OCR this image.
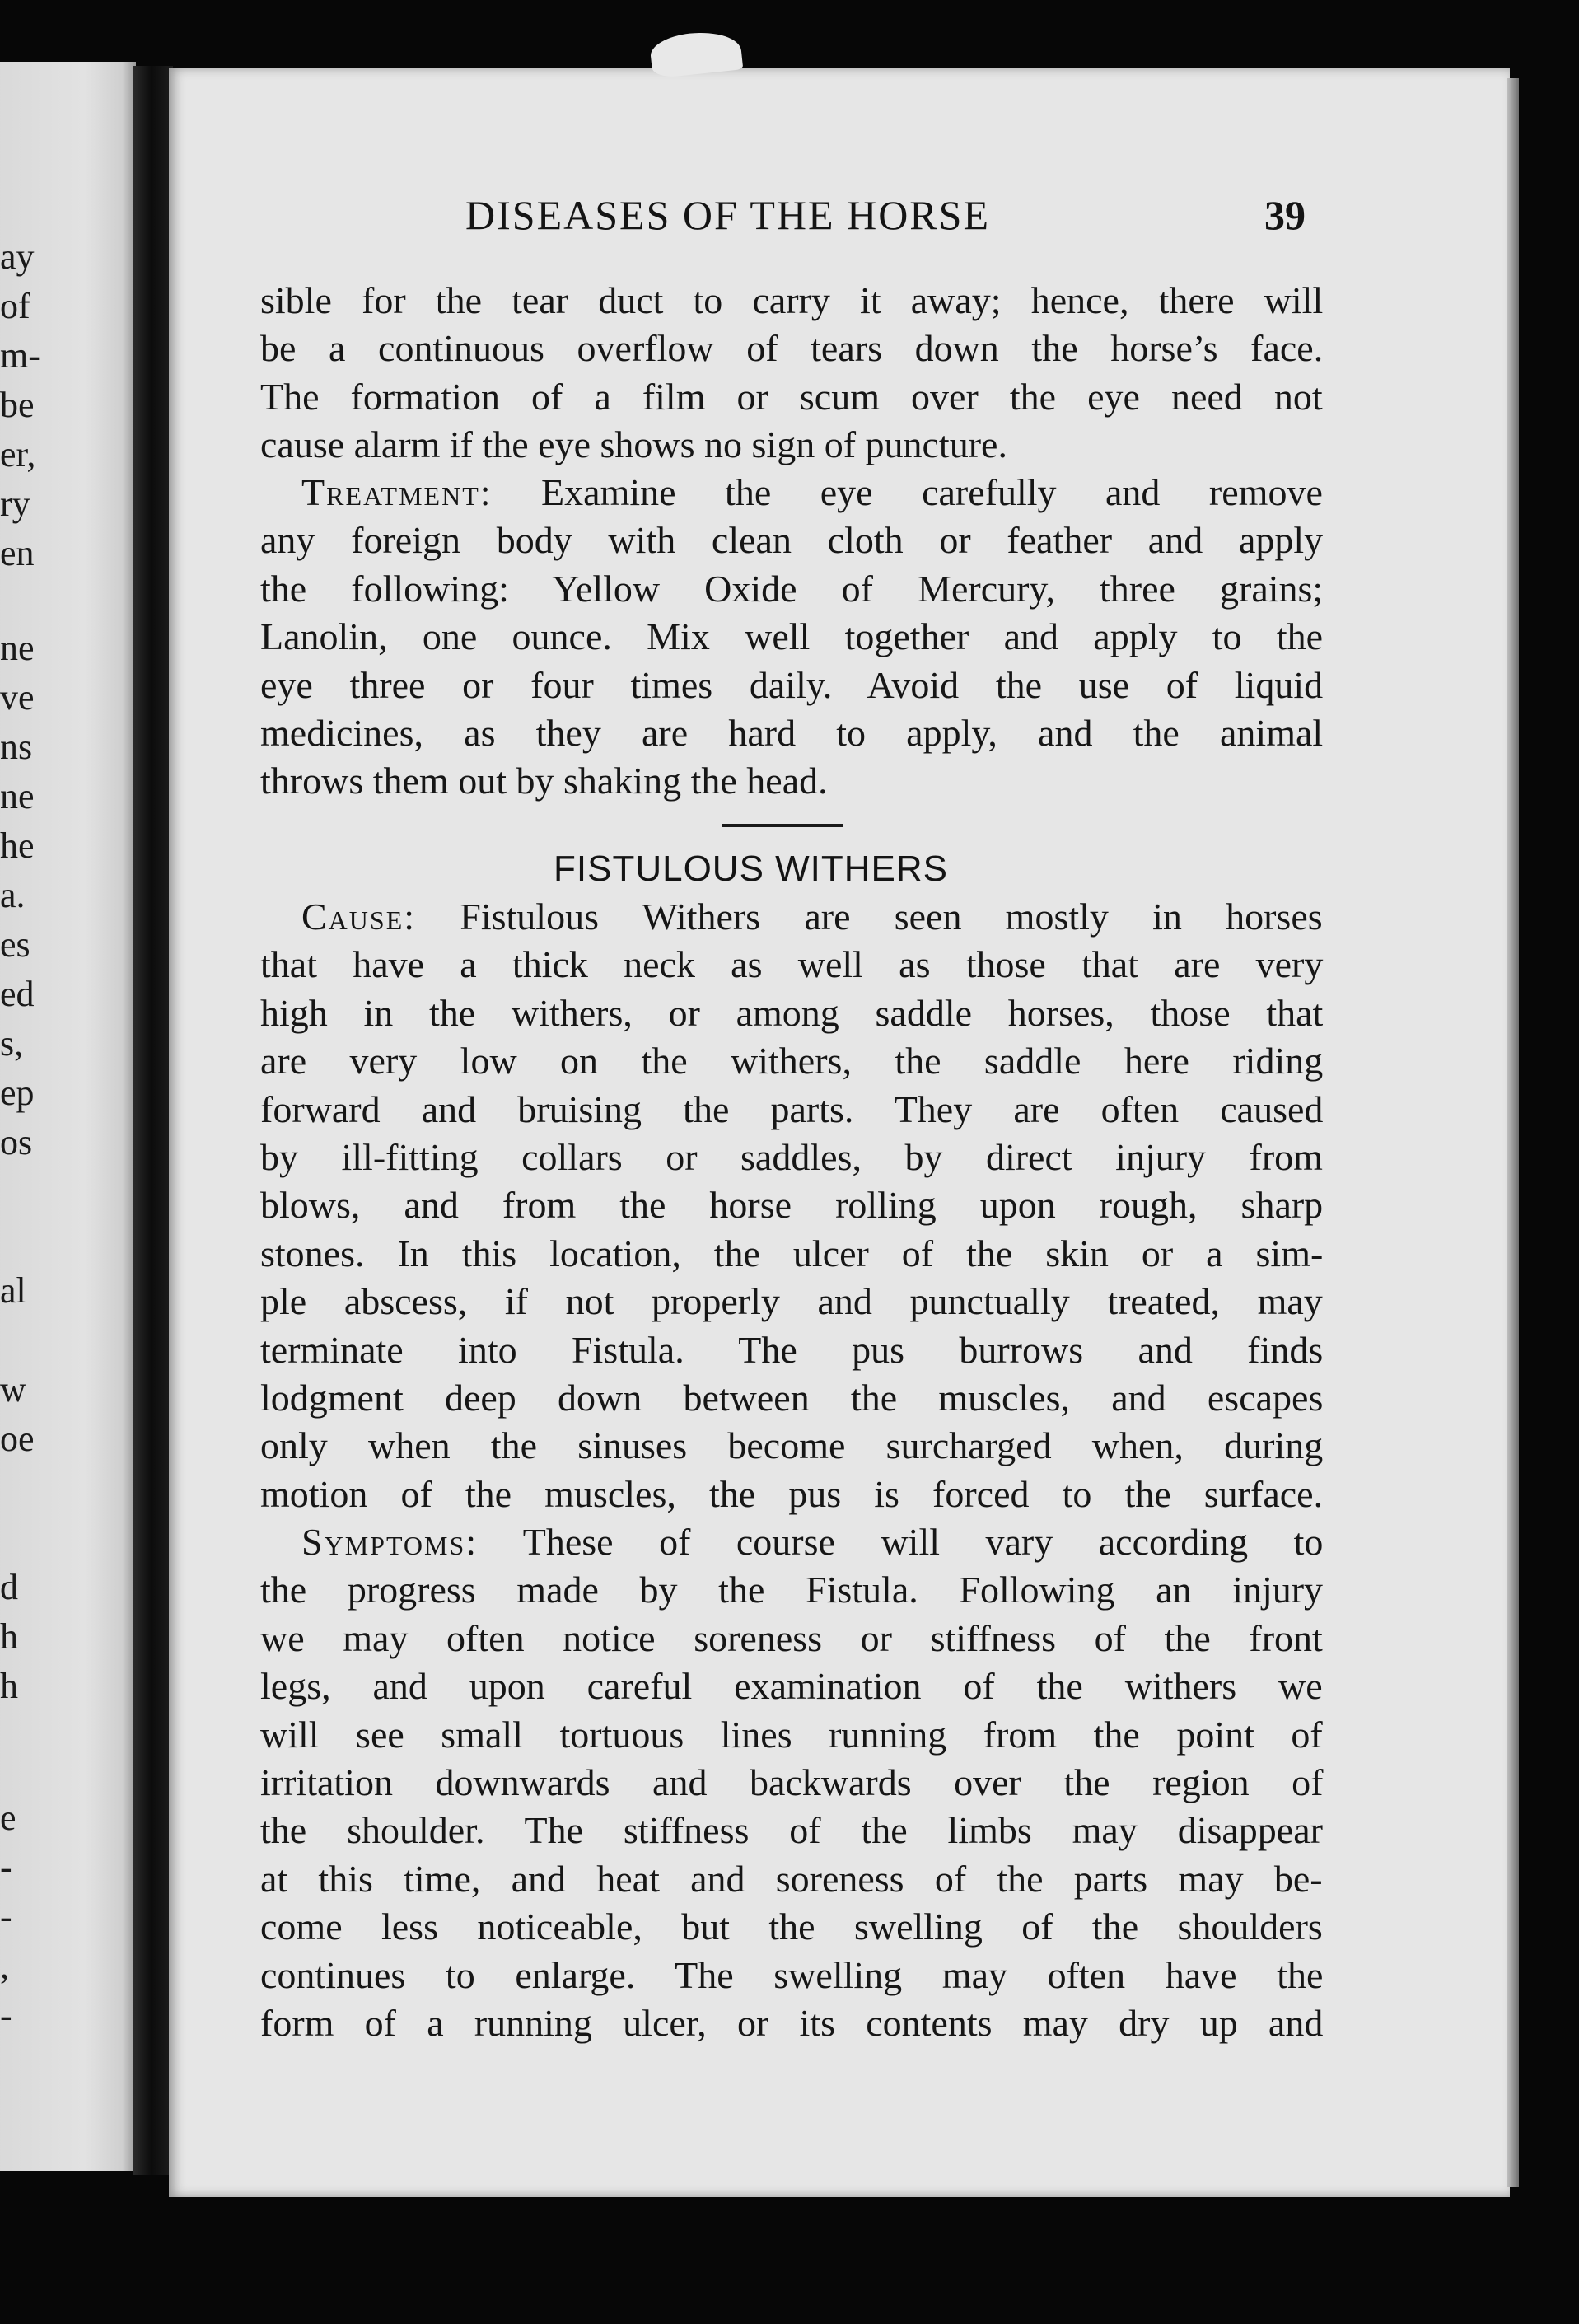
ay
of
m-
be
er,
ry
en
ne
ve
ns
ne
he
a.
es
ed
s,
ep
os
al
w
oe
d
h
h
e
-
-
,
-
DISEASES OF THE HORSE	39
FISTULOUS WITHERS
sible for the tear duct to carry it away; hence, there will
be a continuous overflow of tears down the horse’s face.
The formation of a film or scum over the eye need not
cause alarm if the eye shows no sign of puncture.
Treatment: Examine the eye carefully and remove
any foreign body with clean cloth or feather and apply
the following: Yellow Oxide of Mercury, three grains;
Lanolin, one ounce. Mix well together and apply to the
eye three or four times daily. Avoid the use of liquid
medicines, as they are hard to apply, and the animal
throws them out by shaking the head.
Cause: Fistulous Withers are seen mostly in horses
that have a thick neck as well as those that are very
high in the withers, or among saddle horses, those that
are very low on the withers, the saddle here riding
forward and bruising the parts. They are often caused
by ill-fitting collars or saddles, by direct injury from
blows, and from the horse rolling upon rough, sharp
stones. In this location, the ulcer of the skin or a sim-
ple abscess, if not properly and punctually treated, may
terminate into Fistula. The pus burrows and finds
lodgment deep down between the muscles, and escapes
only when the sinuses become surcharged when, during
motion of the muscles, the pus is forced to the surface.
Symptoms: These of course will vary according to
the progress made by the Fistula. Following an injury
we may often notice soreness or stiffness of the front
legs, and upon careful examination of the withers we
will see small tortuous lines running from the point of
irritation downwards and backwards over the region of
the shoulder. The stiffness of the limbs may disappear
at this time, and heat and soreness of the parts may be-
come less noticeable, but the swelling of the shoulders
continues to enlarge. The swelling may often have the
form of a running ulcer, or its contents may dry up and
